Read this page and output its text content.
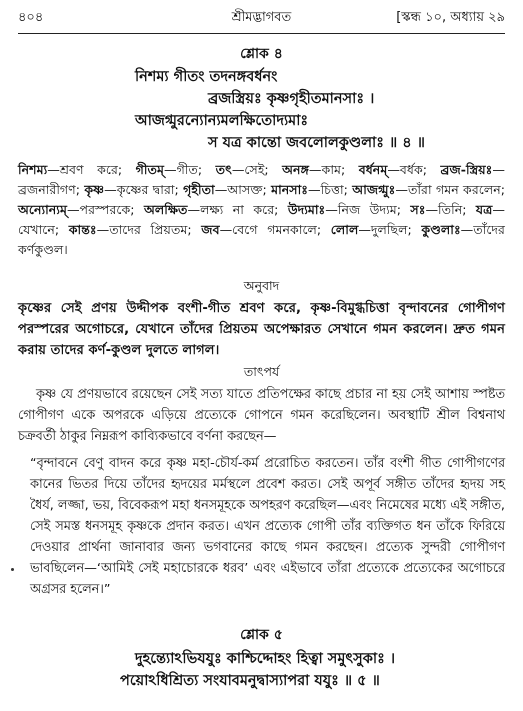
৪০৪	শ্রীমদ্ভাগবত	[স্কন্ধ ১০, অধ্যায় ২৯
শ্লোক ৪
নিশম্য গীতং তদনঙ্গবর্ধনং
ব্রজস্ত্রিয়ঃ কৃষ্ণগৃহীতমানসাঃ ।
আজগ্মুরন্যোন্যমলক্ষিতোদ্যমাঃ
স যত্র কান্তো জবলোলকুণ্ডলাঃ ॥ ৪ ॥
নিশম্য—শ্রবণ করে; গীতম্—গীত; তৎ—সেই; অনঙ্গ—কাম; বর্ধনম্—বর্ধক; ব্রজ-স্ত্রিয়ঃ—ব্রজনারীগণ; কৃষ্ণ—কৃষ্ণের দ্বারা; গৃহীতা—আসক্ত; মানসাঃ—চিত্তা; আজগ্মুঃ—তাঁরা গমন করলেন; অন্যোন্যম্—পরস্পরকে; অলক্ষিত—লক্ষ্য না করে; উদ্যমাঃ—নিজ উদ্যম; সঃ—তিনি; যত্র—যেখানে; কান্তঃ—তাদের প্রিয়তম; জব—বেগে গমনকালে; লোল—দুলছিল; কুণ্ডলাঃ—তাঁদের কর্ণকুণ্ডল।
অনুবাদ
কৃষ্ণের সেই প্রণয় উদ্দীপক বংশী-গীত শ্রবণ করে, কৃষ্ণ-বিমুগ্ধচিত্তা বৃন্দাবনের গোপীগণ পরস্পরের অগোচরে, যেখানে তাঁদের প্রিয়তম অপেক্ষারত সেখানে গমন করলেন। দ্রুত গমন করায় তাদের কর্ণ-কুণ্ডল দুলতে লাগল।
তাৎপর্য
কৃষ্ণ যে প্রণয়ভাবে রয়েছেন সেই সত্য যাতে প্রতিপক্ষের কাছে প্রচার না হয় সেই আশায় স্পষ্টত গোপীগণ একে অপরকে এড়িয়ে প্রত্যেকে গোপনে গমন করেছিলেন। অবস্থাটি শ্রীল বিশ্বনাথ চক্রবর্তী ঠাকুর নিম্নরূপ কাব্যিকভাবে বর্ণনা করছেন—
“বৃন্দাবনে বেণু বাদন করে কৃষ্ণ মহা-চৌর্য-কর্ম প্ররোচিত করতেন। তাঁর বংশী গীত গোপীগণের কানের ভিতর দিয়ে তাঁদের হৃদয়ের মর্মস্থলে প্রবেশ করত। সেই অপূর্ব সঙ্গীত তাঁদের হৃদয় সহ ধৈর্য, লজ্জা, ভয়, বিবেকরূপ মহা ধনসমূহকে অপহরণ করেছিল—এবং নিমেষের মধ্যে এই সঙ্গীত, সেই সমস্ত ধনসমূহ কৃষ্ণকে প্রদান করত। এখন প্রত্যেক গোপী তাঁর ব্যক্তিগত ধন তাঁকে ফিরিয়ে দেওয়ার প্রার্থনা জানাবার জন্য ভগবানের কাছে গমন করছেন। প্রত্যেক সুন্দরী গোপীগণ ভাবছিলেন—‘আমিই সেই মহাচোরকে ধরব’ এবং এইভাবে তাঁরা প্রত্যেকে প্রত্যেকের অগোচরে অগ্রসর হলেন।”
শ্লোক ৫
দুহন্ত্যোঽভিযযুঃ কাশ্চিদ্দোহং হিত্বা সমুৎসুকাঃ ।
পয়োঽধিশ্রিত্য সংযাবমনুদ্বাস্যাপরা যযুঃ ॥ ৫ ॥
